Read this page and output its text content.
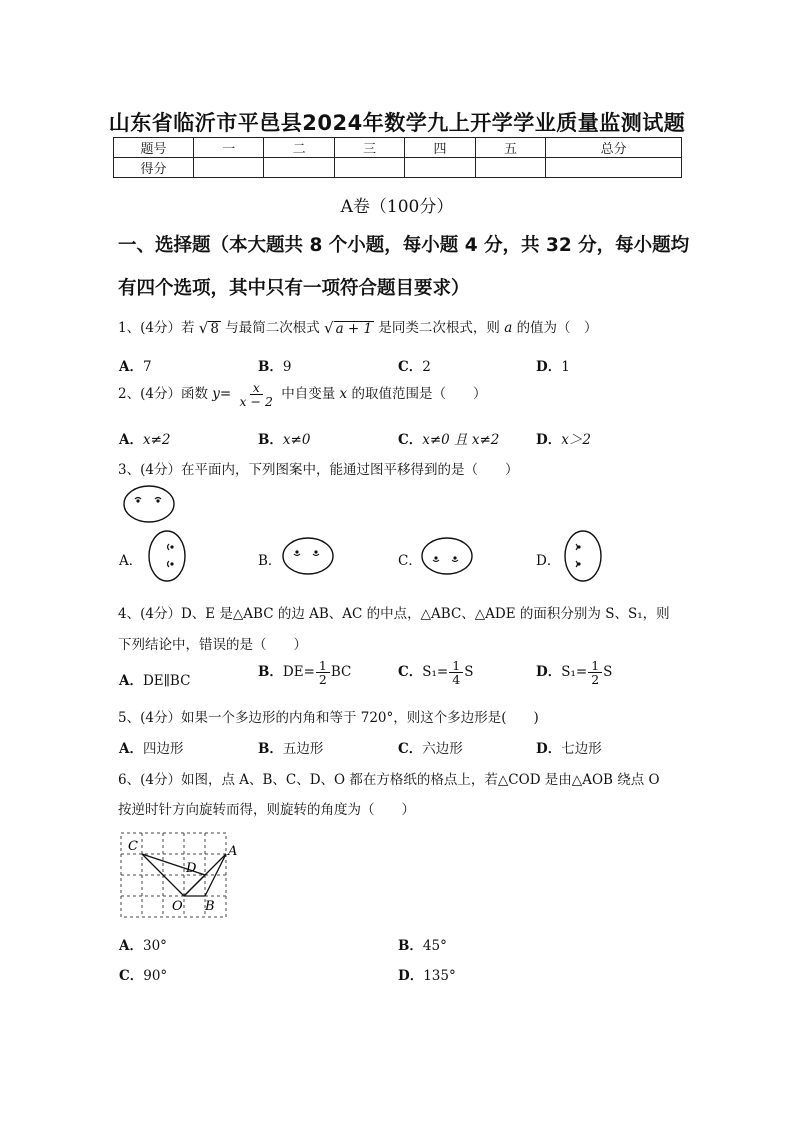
山东省临沂市平邑县2024年数学九上开学学业质量监测试题
题号	一	二	三	四	五	总分
得分						
A卷（100分）
一、选择题（本大题共 8 个小题，每小题 4 分，共 32 分，每小题均
有四个选项，其中只有一项符合题目要求）
1、(4分）若 √ 8 与最简二次根式 √ a + 1 是同类二次根式，则 a 的值为（　）
A．7	B．9	C．2	D．1
2、(4分）函数 $y= \frac{x}{x - 2}$ 中自变量 x 的取值范围是（　　）
A．x≠2	B．x≠0	C．x≠0 且 x≠2	D．x＞2
3、(4分）在平面内，下列图案中，能通过图平移得到的是（　　）
A．	B．	C．	D．
4、(4分）D、E 是△ABC 的边 AB、AC 的中点，△ABC、△ADE 的面积分别为 S、S₁，则
下列结论中，错误的是（　　）
A．DE∥BC
B．$DE= \frac{1}{2}$ BC	C．$S_1= \frac{1}{4}$ S	D．$S_1= \frac{1}{2}$ S
5、(4分）如果一个多边形的内角和等于 720°，则这个多边形是(　　)
A．四边形	B．五边形	C．六边形	D．七边形
6、(4分）如图，点 A、B、C、D、O 都在方格纸的格点上，若△COD 是由△AOB 绕点 O
按逆时针方向旋转而得，则旋转的角度为（　　）
C
D
A
O B
A．30°	B．45°
C．90°	D．135°
